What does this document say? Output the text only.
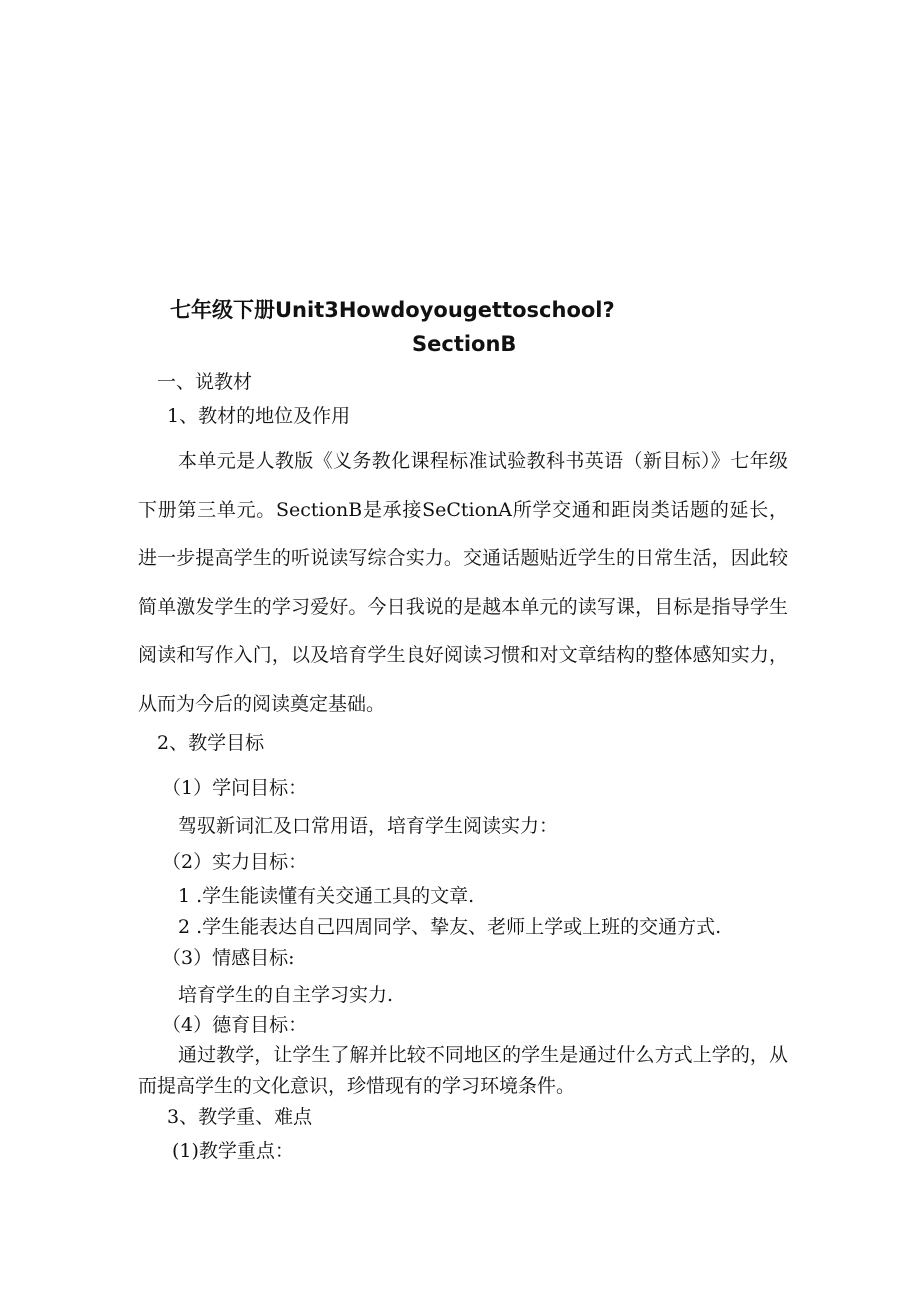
七年级下册Unit3Howdoyougettoschool?
SectionB
一、说教材
1、教材的地位及作用

本单元是人教版《义务教化课程标准试验教科书英语（新目标）》七年级下册第三单元。SectionB是承接SeCtionA所学交通和距岗类话题的延长，进一步提高学生的听说读写综合实力。交通话题贴近学生的日常生活，因此较简单激发学生的学习爱好。今日我说的是越本单元的读写课，目标是指导学生阅读和写作入门，以及培育学生良好阅读习惯和对文章结构的整体感知实力，从而为今后的阅读奠定基础。

2、教学目标
（1）学问目标：
驾驭新词汇及口常用语，培育学生阅读实力：
（2）实力目标：
1 .学生能读懂有关交通工具的文章.
2 .学生能表达自己四周同学、挚友、老师上学或上班的交通方式.
（3）情感目标:
培育学生的自主学习实力.
（4）德育目标：

通过教学，让学生了解并比较不同地区的学生是通过什么方式上学的，从而提高学生的文化意识，珍惜现有的学习环境条件。

3、教学重、难点
(1)教学重点：
